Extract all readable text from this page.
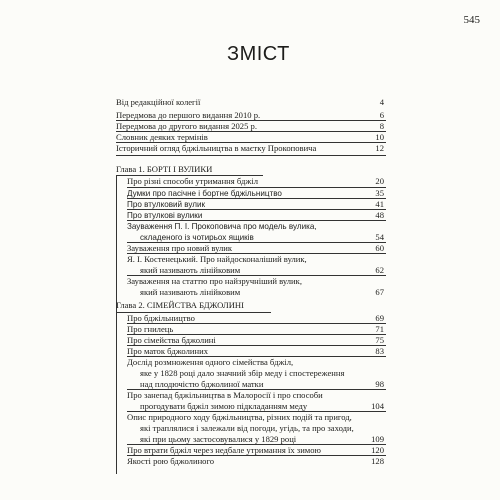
545
ЗМІСТ
Від редакційної колегії	4
Передмова до першого видання 2010 р.	6
Передмова до другого видання 2025 р.	8
Словник деяких термінів	10
Історичний огляд бджільництва в маєтку Прокоповича	12
Глава 1. БОРТІ І ВУЛИКИ
Про різні способи утримання бджіл	20
Думки про пасічне і бортне бджільництво	35
Про втулковий вулик	41
Про втулкові вулики	48
Зауваження П. І. Прокоповича про модель вулика,
складеного із чотирьох ящиків	54
Зауваження про новий вулик	60
Я. І. Костенецький. Про найдосконаліший вулик,
який називають лінійковим	62
Зауваження на статтю про найзручніший вулик,
який називають лінійковим	67
Глава 2. СІМЕЙСТВА БДЖОЛИНІ
Про бджільництво	69
Про гнилець	71
Про сімейства бджолині	75
Про маток бджолиних	83
Дослід розмноження одного сімейства бджіл,
яке у 1828 році дало значний збір меду і спостереження
над плодючістю бджолиної матки	98
Про занепад бджільництва в Малоросії і про способи
прогодувати бджіл зимою підкладанням меду	104
Опис природного ходу бджільництва, різних подій та пригод,
які траплялися і залежали від погоди, угідь, та про заходи,
які при цьому застосовувалися у 1829 році	109
Про втрати бджіл через недбале утримання їх зимою	120
Якості рою бджолиного	128
